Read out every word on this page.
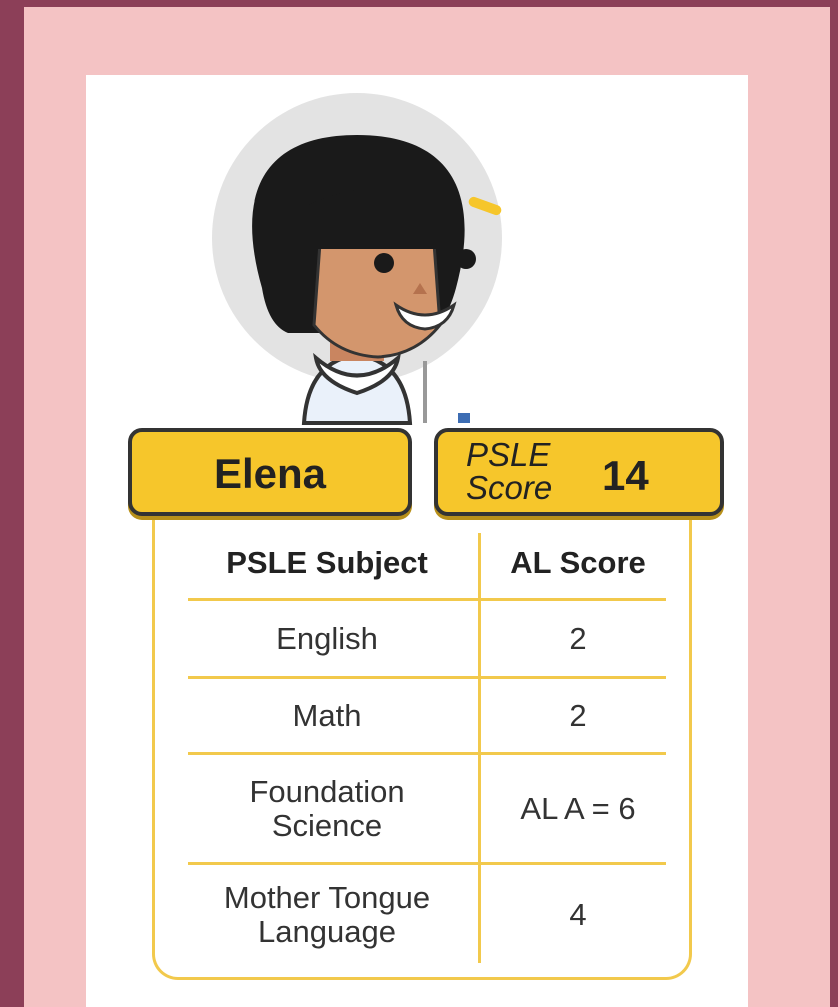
PSLE Subject	AL Score
English	2
Math	2
Foundation Science	AL A = 6
Mother Tongue Language	4
Elena	PSLE
Score 14
